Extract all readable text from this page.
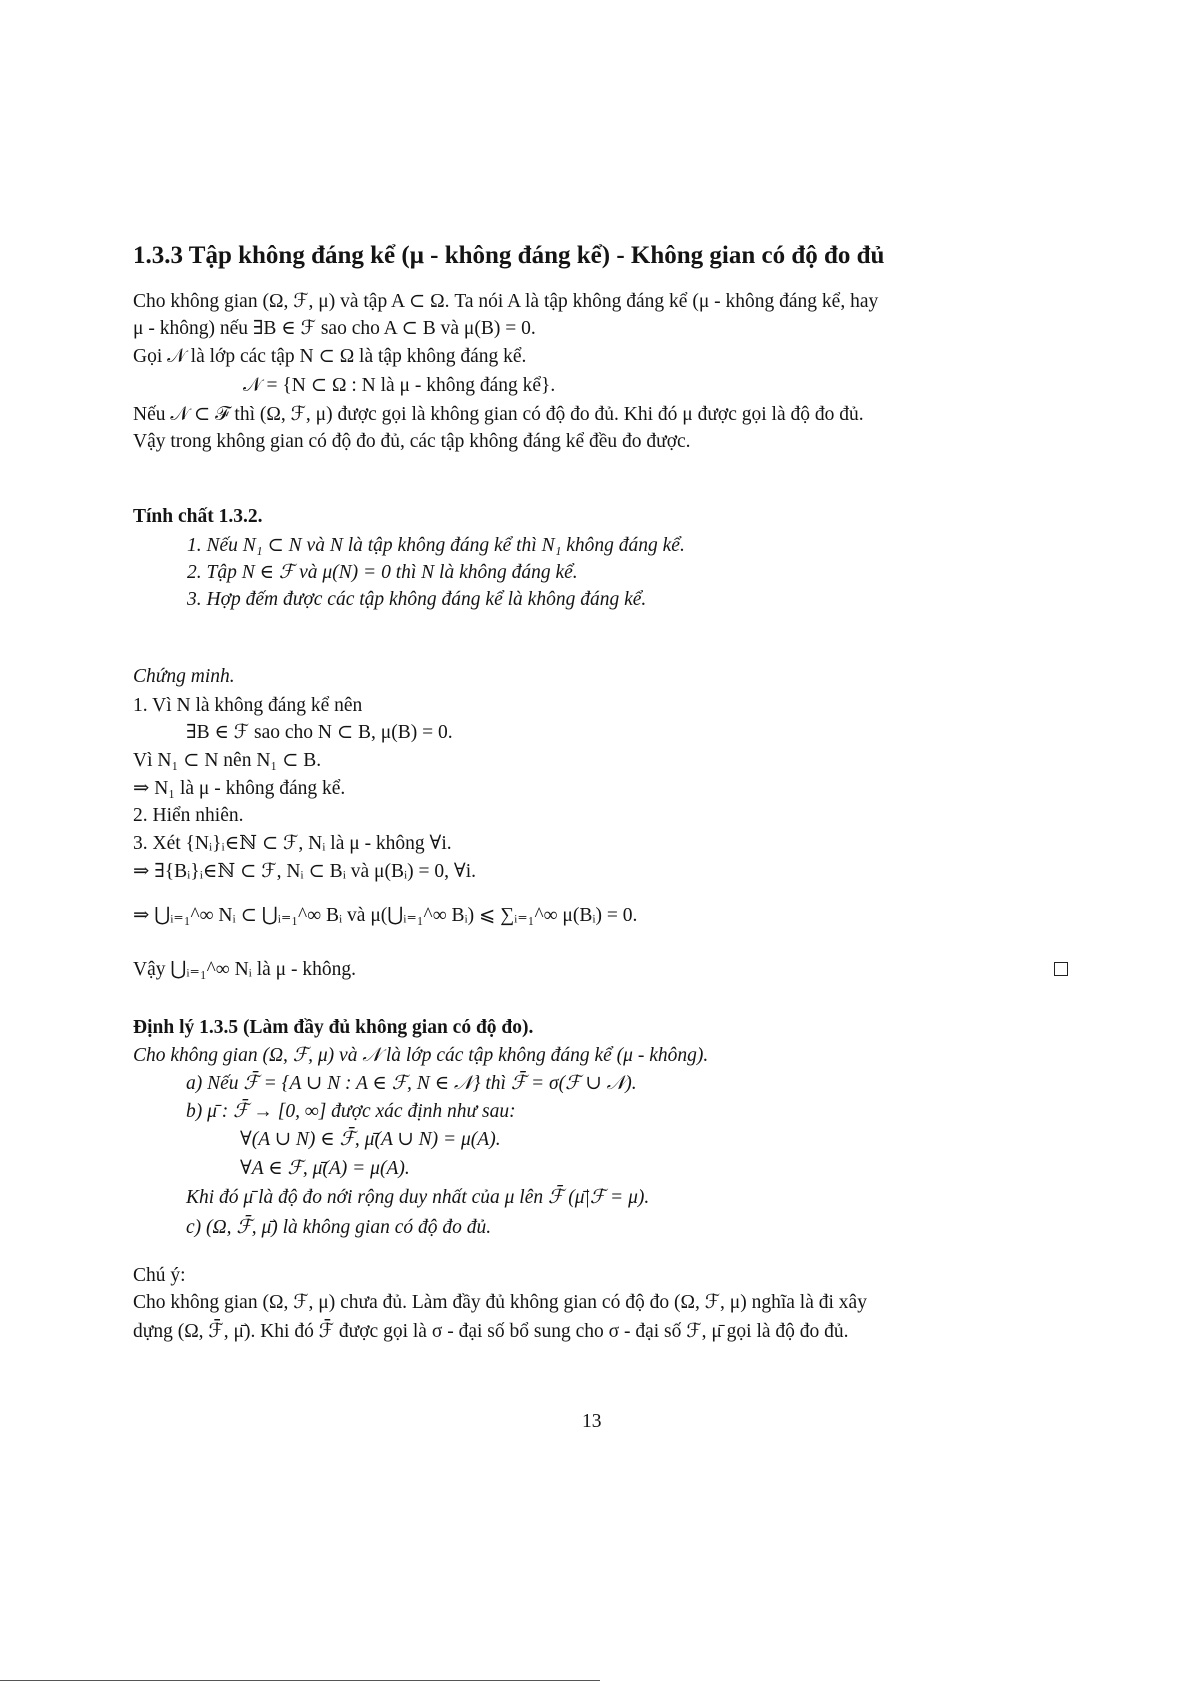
1.3.3 Tập không đáng kể (μ - không đáng kể) - Không gian có độ đo đủ
Cho không gian (Ω, ℱ, μ) và tập A ⊂ Ω. Ta nói A là tập không đáng kể (μ - không đáng kể, hay
μ - không) nếu ∃B ∈ ℱ sao cho A ⊂ B và μ(B) = 0.
Gọi 𝒩 là lớp các tập N ⊂ Ω là tập không đáng kể.
𝒩 = {N ⊂ Ω : N là μ - không đáng kể}.
Nếu 𝒩 ⊂ ℱ thì (Ω, ℱ, μ) được gọi là không gian có độ đo đủ. Khi đó μ được gọi là độ đo đủ.
Vậy trong không gian có độ đo đủ, các tập không đáng kể đều đo được.
Tính chất 1.3.2.
1. Nếu N₁ ⊂ N và N là tập không đáng kể thì N₁ không đáng kể.
2. Tập N ∈ ℱ và μ(N) = 0 thì N là không đáng kể.
3. Hợp đếm được các tập không đáng kể là không đáng kể.
Chứng minh.
1. Vì N là không đáng kể nên
∃B ∈ ℱ sao cho N ⊂ B, μ(B) = 0.
Vì N₁ ⊂ N nên N₁ ⊂ B.
⇒ N₁ là μ - không đáng kể.
2. Hiển nhiên.
3. Xét {Nᵢ}ᵢ∈ℕ ⊂ ℱ, Nᵢ là μ - không ∀i.
⇒ ∃{Bᵢ}ᵢ∈ℕ ⊂ ℱ, Nᵢ ⊂ Bᵢ và μ(Bᵢ) = 0, ∀i.
⇒ ⋃ᵢ₌₁^∞ Nᵢ ⊂ ⋃ᵢ₌₁^∞ Bᵢ và μ(⋃ᵢ₌₁^∞ Bᵢ) ⩽ ∑ᵢ₌₁^∞ μ(Bᵢ) = 0.
Vậy ⋃ᵢ₌₁^∞ Nᵢ là μ - không.
Định lý 1.3.5 (Làm đầy đủ không gian có độ đo).
Cho không gian (Ω, ℱ, μ) và 𝒩 là lớp các tập không đáng kể (μ - không).
a) Nếu ℱ̄ = {A ∪ N : A ∈ ℱ, N ∈ 𝒩} thì ℱ̄ = σ(ℱ ∪ 𝒩).
b) μ̄ : ℱ̄ → [0, ∞] được xác định như sau:
∀(A ∪ N) ∈ ℱ̄, μ̄(A ∪ N) = μ(A).
∀A ∈ ℱ, μ̄(A) = μ(A).
Khi đó μ̄ là độ đo nới rộng duy nhất của μ lên ℱ̄ (μ̄|ℱ = μ).
c) (Ω, ℱ̄, μ̄) là không gian có độ đo đủ.
Chú ý:
Cho không gian (Ω, ℱ, μ) chưa đủ. Làm đầy đủ không gian có độ đo (Ω, ℱ, μ) nghĩa là đi xây
dựng (Ω, ℱ̄, μ̄). Khi đó ℱ̄ được gọi là σ - đại số bổ sung cho σ - đại số ℱ, μ̄ gọi là độ đo đủ.
13
